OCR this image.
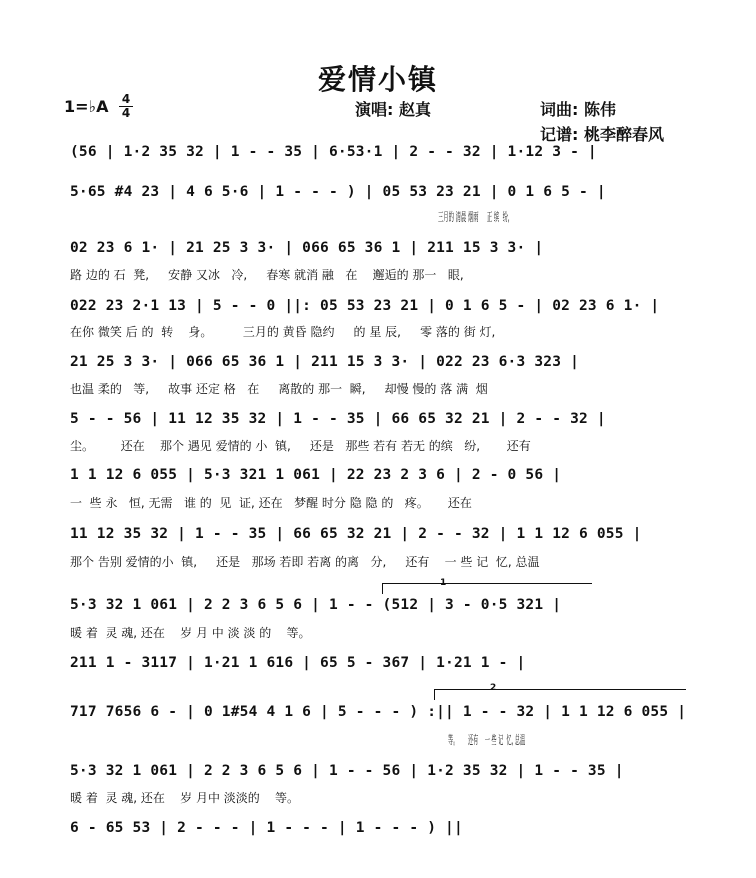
爱情小镇
1=♭A 4
4	演唱: 赵真	词曲: 陈伟
记谱: 桃李醉春风
(56 | 1·2 35 32 | 1 - - 35 | 6·53·1 | 2 - - 32 | 1·12 3 - |
5·65 #4 23 | 4 6 5·6 | 1 - - - ) | 05 53 23 21 | 0 1 6 5 - |
三月的 清晨 烟雨     正 缤  纷,
02 23 6 1· | 21 25 3 3· | 066 65 36 1 | 211 15 3 3· |
路 边的 石  凳,     安静 又冰   冷,     春寒 就消 融   在    邂逅的 那一   眼,
022 23 2·1 13 | 5 - - 0 ||: 05 53 23 21 | 0 1 6 5 - | 02 23 6 1· |
在你 微笑 后 的  转    身。        三月的 黄昏 隐约     的 星 辰,     零 落的 街 灯,
21 25 3 3· | 066 65 36 1 | 211 15 3 3· | 022 23 6·3 323 |
也温 柔的   等,     故事 还定 格   在     离散的 那一  瞬,     却慢 慢的 落 满  烟
5 - - 56 | 11 12 35 32 | 1 - - 35 | 66 65 32 21 | 2 - - 32 |
尘。       还在    那个 遇见 爱情的 小  镇,     还是   那些 若有 若无 的缤   纷,       还有
1 1 12 6 055 | 5·3 321 1 061 | 22 23 2 3 6 | 2 - 0 56 |
一  些 永   恒, 无需   谁 的  见  证, 还在   梦醒 时分 隐 隐 的   疼。     还在
11 12 35 32 | 1 - - 35 | 66 65 32 21 | 2 - - 32 | 1 1 12 6 055 |
那个 告别 爱情的小  镇,     还是   那场 若即 若离 的离   分,     还有    一 些 记  忆, 总温
1
5·3 32 1 061 | 2 2 3 6 5 6 | 1 - - (512 | 3 - 0·5 321 |
暖 着  灵 魂, 还在    岁 月 中 淡 淡 的    等。
211 1 - 3117 | 1·21 1 616 | 65 5 - 367 | 1·21 1 - |
2
717 7656 6 - | 0 1#54 4 1 6 | 5 - - - ) :|| 1 - - 32 | 1 1 12 6 055 |
等。      还有    一 些 记  忆, 总温
5·3 32 1 061 | 2 2 3 6 5 6 | 1 - - 56 | 1·2 35 32 | 1 - - 35 |
暖 着  灵 魂, 还在    岁 月中 淡淡的    等。
6 - 65 53 | 2 - - - | 1 - - - | 1 - - - ) ||
